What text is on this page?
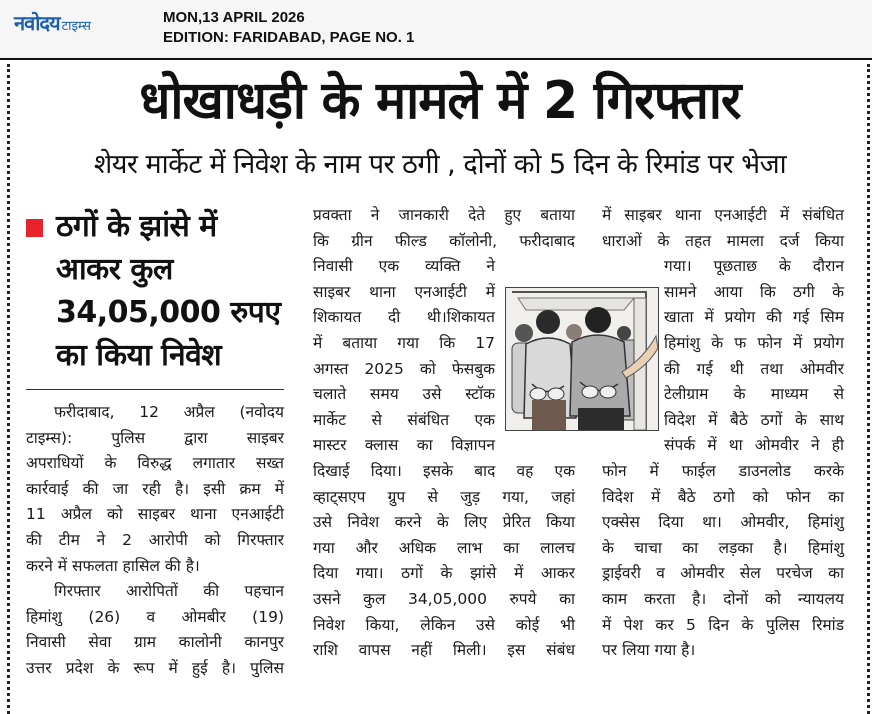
नवोदय टाइम्स
MON,13 APRIL 2026
EDITION: FARIDABAD, PAGE NO. 1
धोखाधड़ी के मामले में 2 गिरफ्तार
शेयर मार्केट में निवेश के नाम पर ठगी , दोनों को 5 दिन के रिमांड पर भेजा
ठगों के झांसे में
आकर कुल
34,05,000 रुपए
का किया निवेश
फरीदाबाद, 12 अप्रैल (नवोदय
टाइम्स): पुलिस द्वारा साइबर
अपराधियों के विरुद्ध लगातार सख्त
कार्रवाई की जा रही है। इसी क्रम में
11 अप्रैल को साइबर थाना एनआईटी
की टीम ने 2 आरोपी को गिरफ्तार
करने में सफलता हासिल की है।
गिरफ्तार आरोपितों की पहचान
हिमांशु (26) व ओमबीर (19)
निवासी सेवा ग्राम कालोनी कानपुर
उत्तर प्रदेश के रूप में हुई है। पुलिस
प्रवक्ता ने जानकारी देते हुए बताया
कि ग्रीन फील्ड कॉलोनी, फरीदाबाद
निवासी एक व्यक्ति ने
साइबर थाना एनआईटी में
शिकायत दी थी।शिकायत
में बताया गया कि 17
अगस्त 2025 को फेसबुक
चलाते समय उसे स्टॉक
मार्केट से संबंधित एक
मास्टर क्लास का विज्ञापन
दिखाई दिया। इसके बाद वह एक
व्हाट्सएप ग्रुप से जुड़ गया, जहां
उसे निवेश करने के लिए प्रेरित किया
गया और अधिक लाभ का लालच
दिया गया। ठगों के झांसे में आकर
उसने कुल 34,05,000 रुपये का
निवेश किया, लेकिन उसे कोई भी
राशि वापस नहीं मिली। इस संबंध
में साइबर थाना एनआईटी में संबंधित
धाराओं के तहत मामला दर्ज किया
गया। पूछताछ के दौरान
सामने आया कि ठगी के
खाता में प्रयोग की गई सिम
हिमांशु के फ फोन में प्रयोग
की गई थी तथा ओमवीर
टेलीग्राम के माध्यम से
विदेश में बैठे ठगों के साथ
संपर्क में था ओमवीर ने ही
फोन में फाईल डाउनलोड करके
विदेश में बैठे ठगो को फोन का
एक्सेस दिया था। ओमवीर, हिमांशु
के चाचा का लड़का है। हिमांशु
ड्राईवरी व ओमवीर सेल परचेज का
काम करता है। दोनों को न्यायलय
में पेश कर 5 दिन के पुलिस रिमांड
पर लिया गया है।
